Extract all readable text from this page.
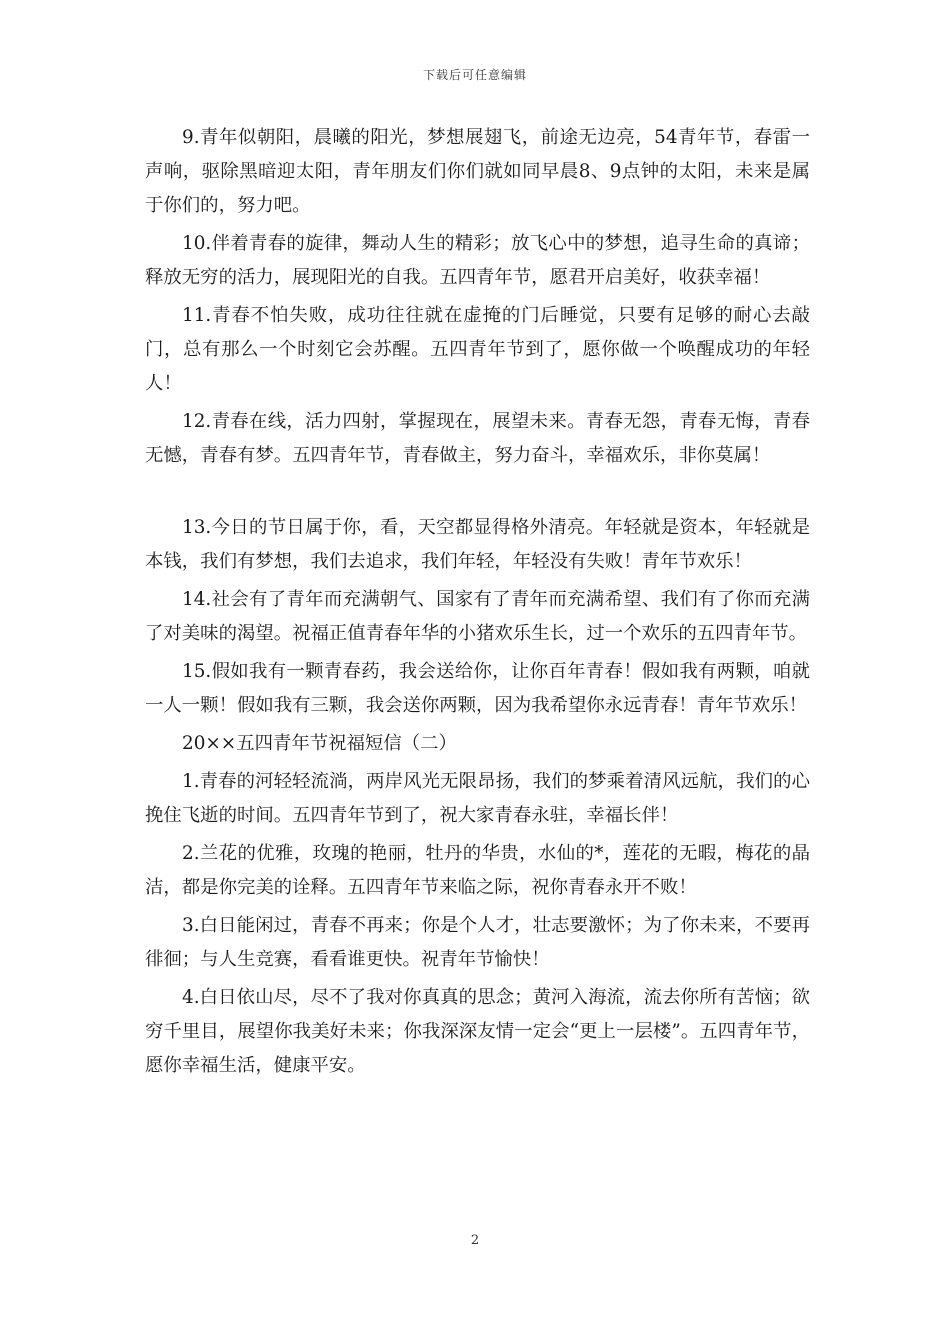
下载后可任意编辑

9.青年似朝阳，晨曦的阳光，梦想展翅飞，前途无边亮，54青年节，春雷一声响，驱除黑暗迎太阳，青年朋友们你们就如同早晨8、9点钟的太阳，未来是属于你们的，努力吧。

10.伴着青春的旋律，舞动人生的精彩；放飞心中的梦想，追寻生命的真谛；释放无穷的活力，展现阳光的自我。五四青年节，愿君开启美好，收获幸福！

11.青春不怕失败，成功往往就在虚掩的门后睡觉，只要有足够的耐心去敲门，总有那么一个时刻它会苏醒。五四青年节到了，愿你做一个唤醒成功的年轻人！

12.青春在线，活力四射，掌握现在，展望未来。青春无怨，青春无悔，青春无憾，青春有梦。五四青年节，青春做主，努力奋斗，幸福欢乐，非你莫属！

13.今日的节日属于你，看，天空都显得格外清亮。年轻就是资本，年轻就是本钱，我们有梦想，我们去追求，我们年轻，年轻没有失败！青年节欢乐！

14.社会有了青年而充满朝气、国家有了青年而充满希望、我们有了你而充满了对美味的渴望。祝福正值青春年华的小猪欢乐生长，过一个欢乐的五四青年节。

15.假如我有一颗青春药，我会送给你，让你百年青春！假如我有两颗，咱就一人一颗！假如我有三颗，我会送你两颗，因为我希望你永远青春！青年节欢乐！

20××五四青年节祝福短信（二）

1.青春的河轻轻流淌，两岸风光无限昂扬，我们的梦乘着清风远航，我们的心挽住飞逝的时间。五四青年节到了，祝大家青春永驻，幸福长伴！

2.兰花的优雅，玫瑰的艳丽，牡丹的华贵，水仙的*，莲花的无暇，梅花的晶洁，都是你完美的诠释。五四青年节来临之际，祝你青春永开不败！

3.白日能闲过，青春不再来；你是个人才，壮志要激怀；为了你未来，不要再徘徊；与人生竞赛，看看谁更快。祝青年节愉快！

4.白日依山尽，尽不了我对你真真的思念；黄河入海流，流去你所有苦恼；欲穷千里目，展望你我美好未来；你我深深友情一定会“更上一层楼”。五四青年节，愿你幸福生活，健康平安。

2
